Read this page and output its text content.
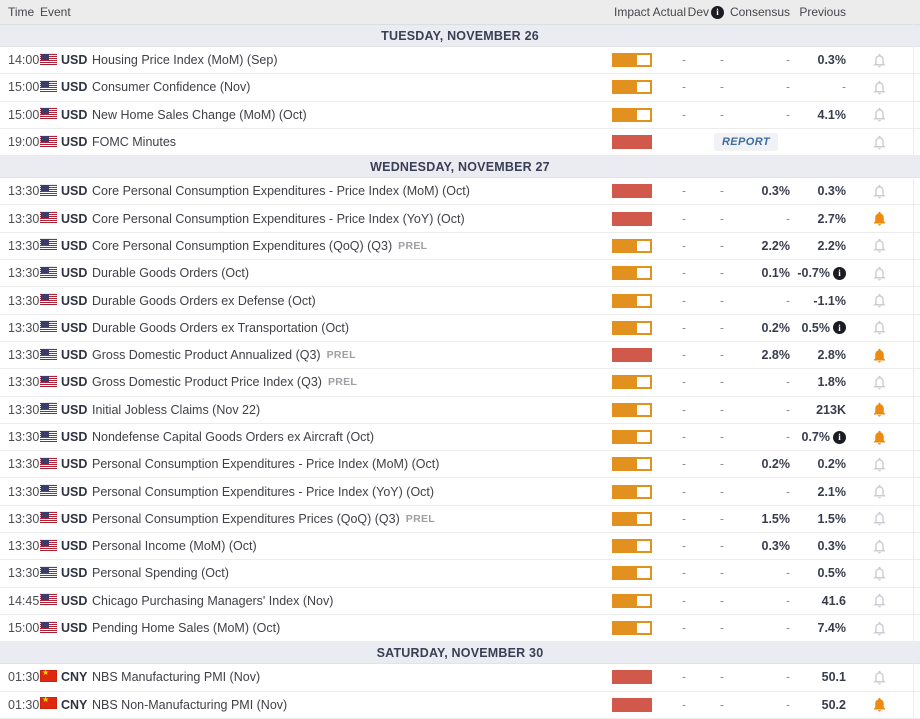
Time Event	Impact Actual Dev i Consensus Previous
TUESDAY, NOVEMBER 26
14:00 USD Housing Price Index (MoM) (Sep)	-	-	- 0.3%
15:00 USD Consumer Confidence (Nov)	-	-	-	-
15:00 USD New Home Sales Change (MoM) (Oct)	-	-	- 4.1%
19:00 USD FOMC Minutes	REPORT
WEDNESDAY, NOVEMBER 27
13:30 USD Core Personal Consumption Expenditures - Price Index (MoM) (Oct)	-	-	0.3% 0.3%
13:30 USD Core Personal Consumption Expenditures - Price Index (YoY) (Oct)	-	-	- 2.7%
13:30 USD Core Personal Consumption Expenditures (QoQ) (Q3) PREL	-	-	2.2% 2.2%
13:30 USD Durable Goods Orders (Oct)	-	-	0.1% -0.7% i
13:30 USD Durable Goods Orders ex Defense (Oct)	-	-	- -1.1%
13:30 USD Durable Goods Orders ex Transportation (Oct)	-	-	0.2% 0.5% i
13:30 USD Gross Domestic Product Annualized (Q3) PREL	-	-	2.8% 2.8%
13:30 USD Gross Domestic Product Price Index (Q3) PREL	-	-	- 1.8%
13:30 USD Initial Jobless Claims (Nov 22)	-	-	- 213K
13:30 USD Nondefense Capital Goods Orders ex Aircraft (Oct)	-	-	- 0.7% i
13:30 USD Personal Consumption Expenditures - Price Index (MoM) (Oct)	-	-	0.2% 0.2%
13:30 USD Personal Consumption Expenditures - Price Index (YoY) (Oct)	-	-	- 2.1%
13:30 USD Personal Consumption Expenditures Prices (QoQ) (Q3) PREL	-	-	1.5% 1.5%
13:30 USD Personal Income (MoM) (Oct)	-	-	0.3% 0.3%
13:30 USD Personal Spending (Oct)	-	-	- 0.5%
14:45 USD Chicago Purchasing Managers' Index (Nov)	-	-	-	41.6
15:00 USD Pending Home Sales (MoM) (Oct)	-	-	- 7.4%
SATURDAY, NOVEMBER 30
01:30 ★ CNY NBS Manufacturing PMI (Nov)	-	-	-	50.1
01:30 ★ CNY NBS Non-Manufacturing PMI (Nov)	-	-	-	50.2
